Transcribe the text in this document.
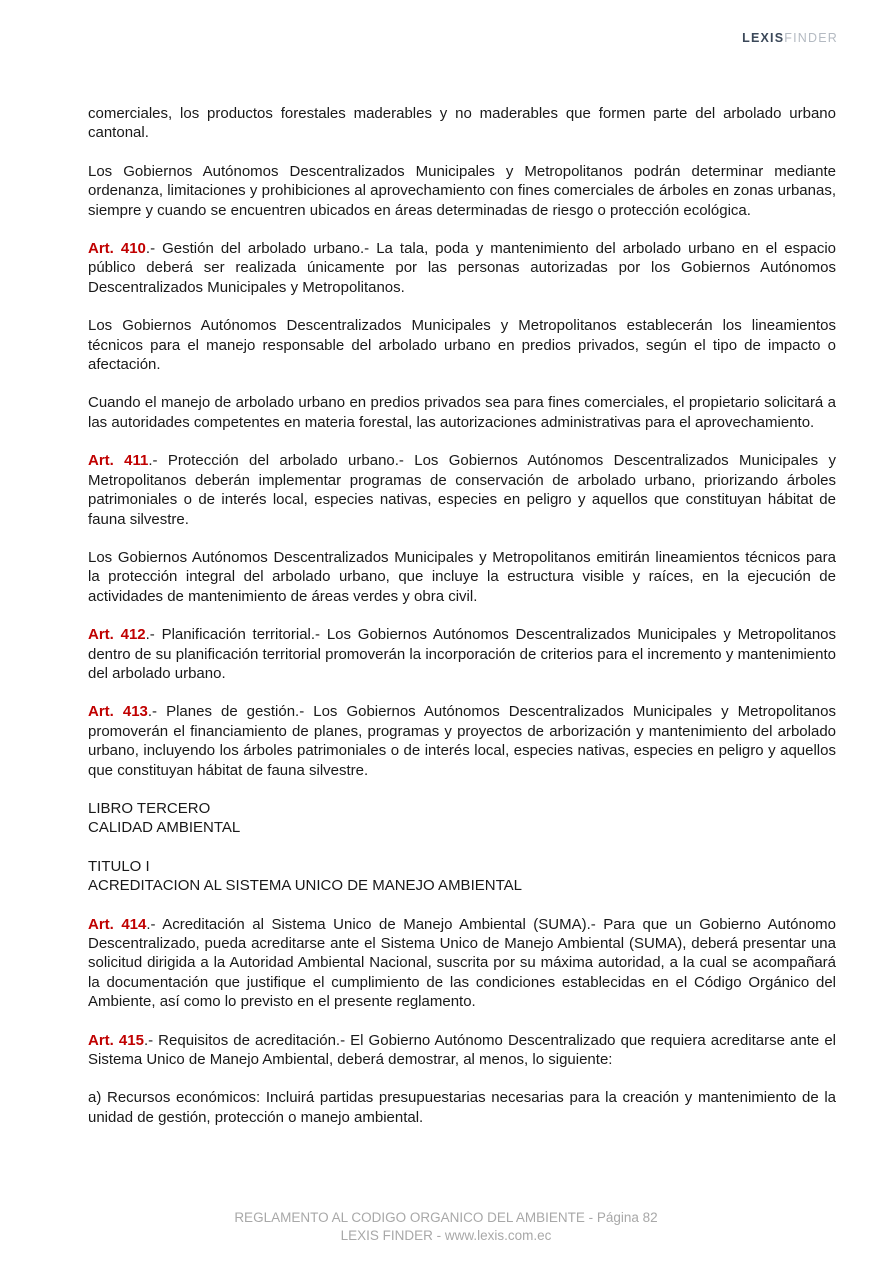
LEXISFINDER

comerciales, los productos forestales maderables y no maderables que formen parte del arbolado urbano cantonal.

Los Gobiernos Autónomos Descentralizados Municipales y Metropolitanos podrán determinar mediante ordenanza, limitaciones y prohibiciones al aprovechamiento con fines comerciales de árboles en zonas urbanas, siempre y cuando se encuentren ubicados en áreas determinadas de riesgo o protección ecológica.

Art. 410.- Gestión del arbolado urbano.- La tala, poda y mantenimiento del arbolado urbano en el espacio público deberá ser realizada únicamente por las personas autorizadas por los Gobiernos Autónomos Descentralizados Municipales y Metropolitanos.

Los Gobiernos Autónomos Descentralizados Municipales y Metropolitanos establecerán los lineamientos técnicos para el manejo responsable del arbolado urbano en predios privados, según el tipo de impacto o afectación.

Cuando el manejo de arbolado urbano en predios privados sea para fines comerciales, el propietario solicitará a las autoridades competentes en materia forestal, las autorizaciones administrativas para el aprovechamiento.

Art. 411.- Protección del arbolado urbano.- Los Gobiernos Autónomos Descentralizados Municipales y Metropolitanos deberán implementar programas de conservación de arbolado urbano, priorizando árboles patrimoniales o de interés local, especies nativas, especies en peligro y aquellos que constituyan hábitat de fauna silvestre.

Los Gobiernos Autónomos Descentralizados Municipales y Metropolitanos emitirán lineamientos técnicos para la protección integral del arbolado urbano, que incluye la estructura visible y raíces, en la ejecución de actividades de mantenimiento de áreas verdes y obra civil.

Art. 412.- Planificación territorial.- Los Gobiernos Autónomos Descentralizados Municipales y Metropolitanos dentro de su planificación territorial promoverán la incorporación de criterios para el incremento y mantenimiento del arbolado urbano.

Art. 413.- Planes de gestión.- Los Gobiernos Autónomos Descentralizados Municipales y Metropolitanos promoverán el financiamiento de planes, programas y proyectos de arborización y mantenimiento del arbolado urbano, incluyendo los árboles patrimoniales o de interés local, especies nativas, especies en peligro y aquellos que constituyan hábitat de fauna silvestre.

LIBRO TERCERO
CALIDAD AMBIENTAL

TITULO I
ACREDITACION AL SISTEMA UNICO DE MANEJO AMBIENTAL

Art. 414.- Acreditación al Sistema Unico de Manejo Ambiental (SUMA).- Para que un Gobierno Autónomo Descentralizado, pueda acreditarse ante el Sistema Unico de Manejo Ambiental (SUMA), deberá presentar una solicitud dirigida a la Autoridad Ambiental Nacional, suscrita por su máxima autoridad, a la cual se acompañará la documentación que justifique el cumplimiento de las condiciones establecidas en el Código Orgánico del Ambiente, así como lo previsto en el presente reglamento.

Art. 415.- Requisitos de acreditación.- El Gobierno Autónomo Descentralizado que requiera acreditarse ante el Sistema Unico de Manejo Ambiental, deberá demostrar, al menos, lo siguiente:

a) Recursos económicos: Incluirá partidas presupuestarias necesarias para la creación y mantenimiento de la unidad de gestión, protección o manejo ambiental.

REGLAMENTO AL CODIGO ORGANICO DEL AMBIENTE - Página 82
LEXIS FINDER - www.lexis.com.ec
